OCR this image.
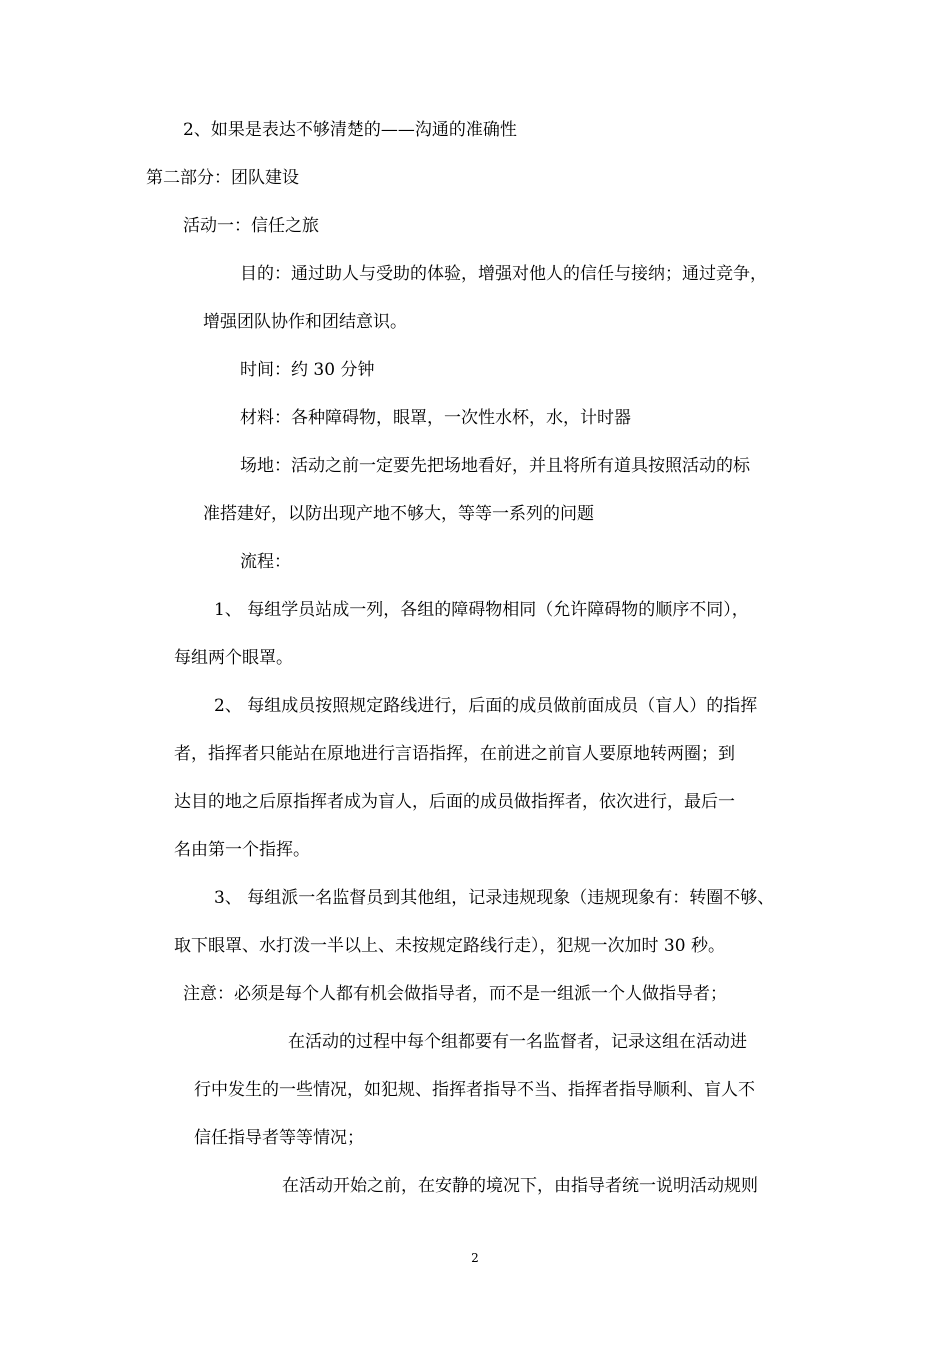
2、如果是表达不够清楚的——沟通的准确性

第二部分：团队建设

活动一：信任之旅

目的：通过助人与受助的体验，增强对他人的信任与接纳；通过竞争，

增强团队协作和团结意识。

时间：约 30 分钟

材料：各种障碍物，眼罩，一次性水杯，水，计时器

场地：活动之前一定要先把场地看好，并且将所有道具按照活动的标

准搭建好，以防出现产地不够大，等等一系列的问题

流程：

1、 每组学员站成一列，各组的障碍物相同（允许障碍物的顺序不同），

每组两个眼罩。

2、 每组成员按照规定路线进行，后面的成员做前面成员（盲人）的指挥

者，指挥者只能站在原地进行言语指挥，在前进之前盲人要原地转两圈；到

达目的地之后原指挥者成为盲人，后面的成员做指挥者，依次进行，最后一

名由第一个指挥。

3、 每组派一名监督员到其他组，记录违规现象（违规现象有：转圈不够、

取下眼罩、水打泼一半以上、未按规定路线行走），犯规一次加时 30 秒。

注意：必须是每个人都有机会做指导者，而不是一组派一个人做指导者；

在活动的过程中每个组都要有一名监督者，记录这组在活动进

行中发生的一些情况，如犯规、指挥者指导不当、指挥者指导顺利、盲人不

信任指导者等等情况；

在活动开始之前，在安静的境况下，由指导者统一说明活动规则

2
